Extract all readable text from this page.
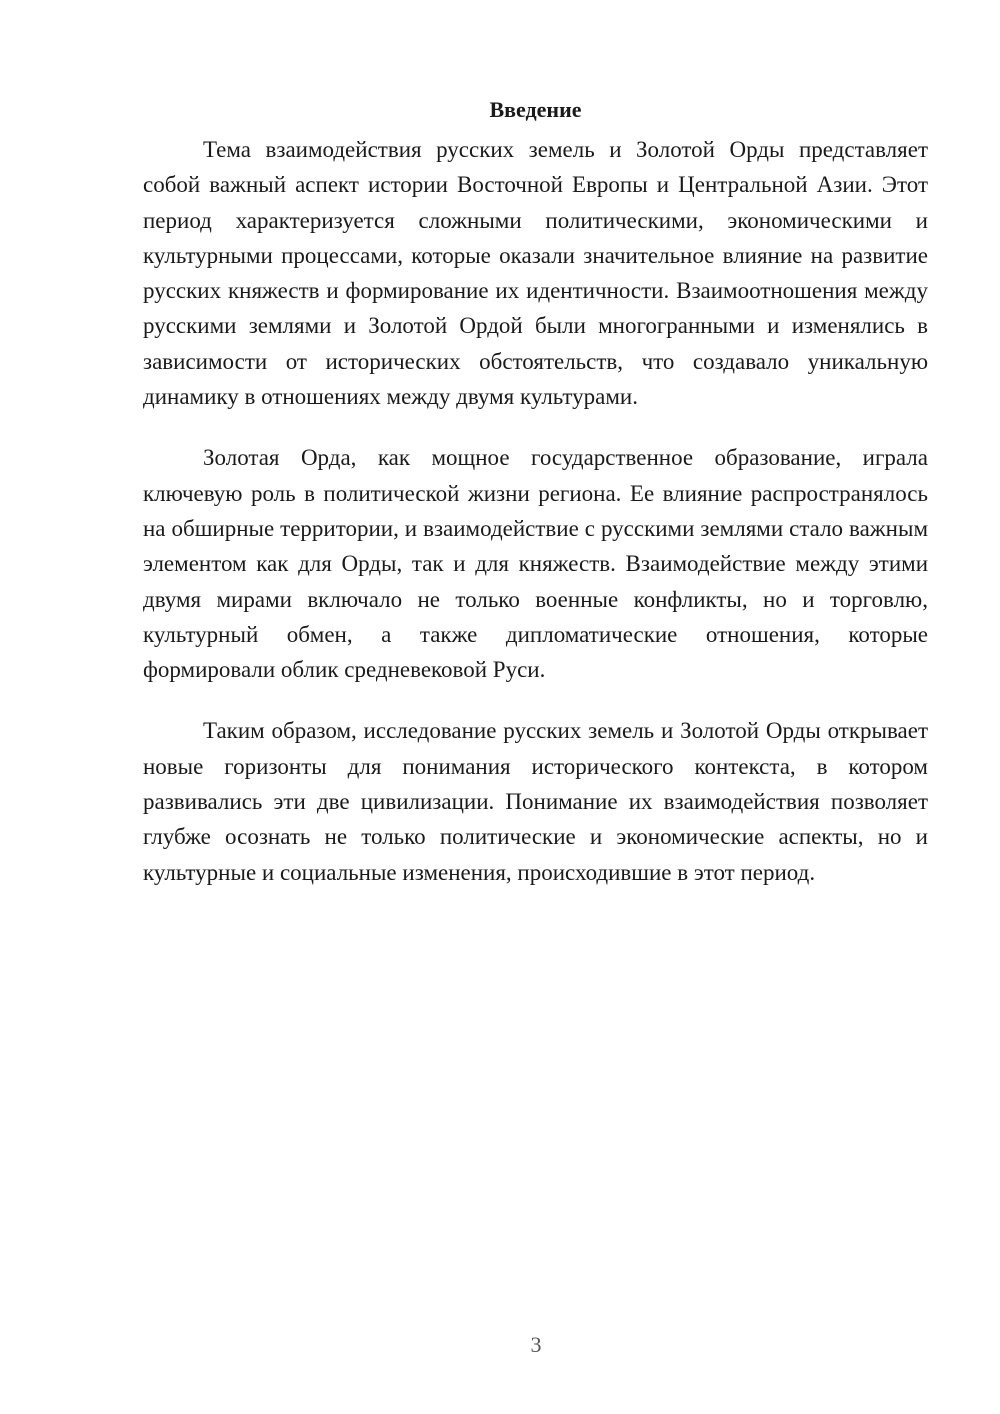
Введение

Тема взаимодействия русских земель и Золотой Орды представляет собой важный аспект истории Восточной Европы и Центральной Азии. Этот период характеризуется сложными политическими, экономическими и культурными процессами, которые оказали значительное влияние на развитие русских княжеств и формирование их идентичности. Взаимоотношения между русскими землями и Золотой Ордой были многогранными и изменялись в зависимости от исторических обстоятельств, что создавало уникальную динамику в отношениях между двумя культурами.

Золотая Орда, как мощное государственное образование, играла ключевую роль в политической жизни региона. Ее влияние распространялось на обширные территории, и взаимодействие с русскими землями стало важным элементом как для Орды, так и для княжеств. Взаимодействие между этими двумя мирами включало не только военные конфликты, но и торговлю, культурный обмен, а также дипломатические отношения, которые формировали облик средневековой Руси.

Таким образом, исследование русских земель и Золотой Орды открывает новые горизонты для понимания исторического контекста, в котором развивались эти две цивилизации. Понимание их взаимодействия позволяет глубже осознать не только политические и экономические аспекты, но и культурные и социальные изменения, происходившие в этот период.

3
